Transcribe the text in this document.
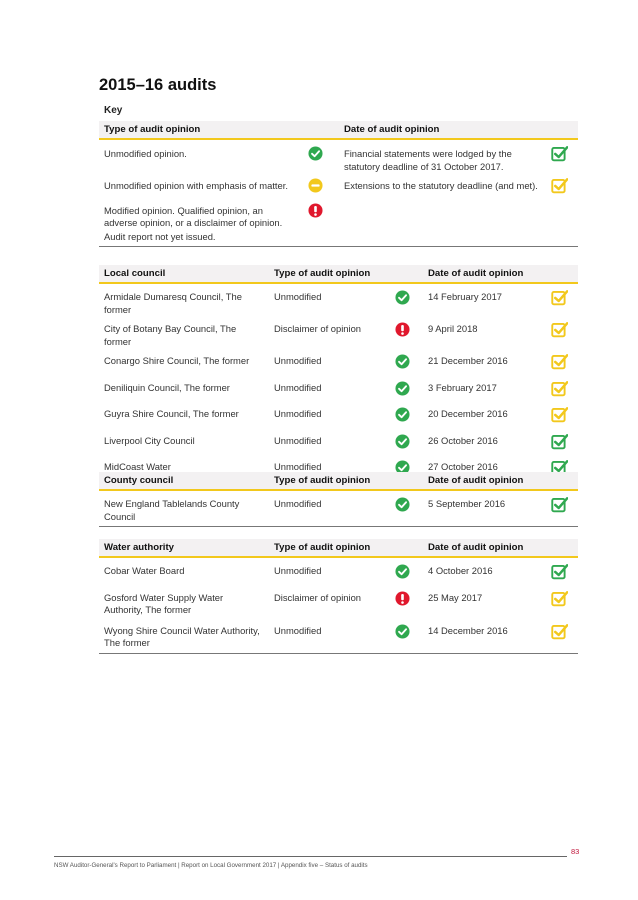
2015–16 audits
Key
Type of audit opinion		Date of audit opinion	
Unmodified opinion.		Financial statements were lodged by the statutory deadline of 31 October 2017.	
Unmodified opinion with emphasis of matter.		Extensions to the statutory deadline (and met).	
Modified opinion. Qualified opinion, an adverse opinion, or a disclaimer of opinion.			
Audit report not yet issued.			
Local council	Type of audit opinion		Date of audit opinion	
Armidale Dumaresq Council, The former	Unmodified		14 February 2017	
City of Botany Bay Council, The former	Disclaimer of opinion		9 April 2018	
Conargo Shire Council, The former	Unmodified		21 December 2016	
Deniliquin Council, The former	Unmodified		3 February 2017	
Guyra Shire Council, The former	Unmodified		20 December 2016	
Liverpool City Council	Unmodified		26 October 2016	
MidCoast Water	Unmodified		27 October 2016	
County council	Type of audit opinion		Date of audit opinion	
New England Tablelands County Council	Unmodified		5 September 2016	
Water authority	Type of audit opinion		Date of audit opinion	
Cobar Water Board	Unmodified		4 October 2016	
Gosford Water Supply Water Authority, The former	Disclaimer of opinion		25 May 2017	
Wyong Shire Council Water Authority, The former	Unmodified		14 December 2016	
83
NSW Auditor-General's Report to Parliament | Report on Local Government 2017 | Appendix five – Status of audits
